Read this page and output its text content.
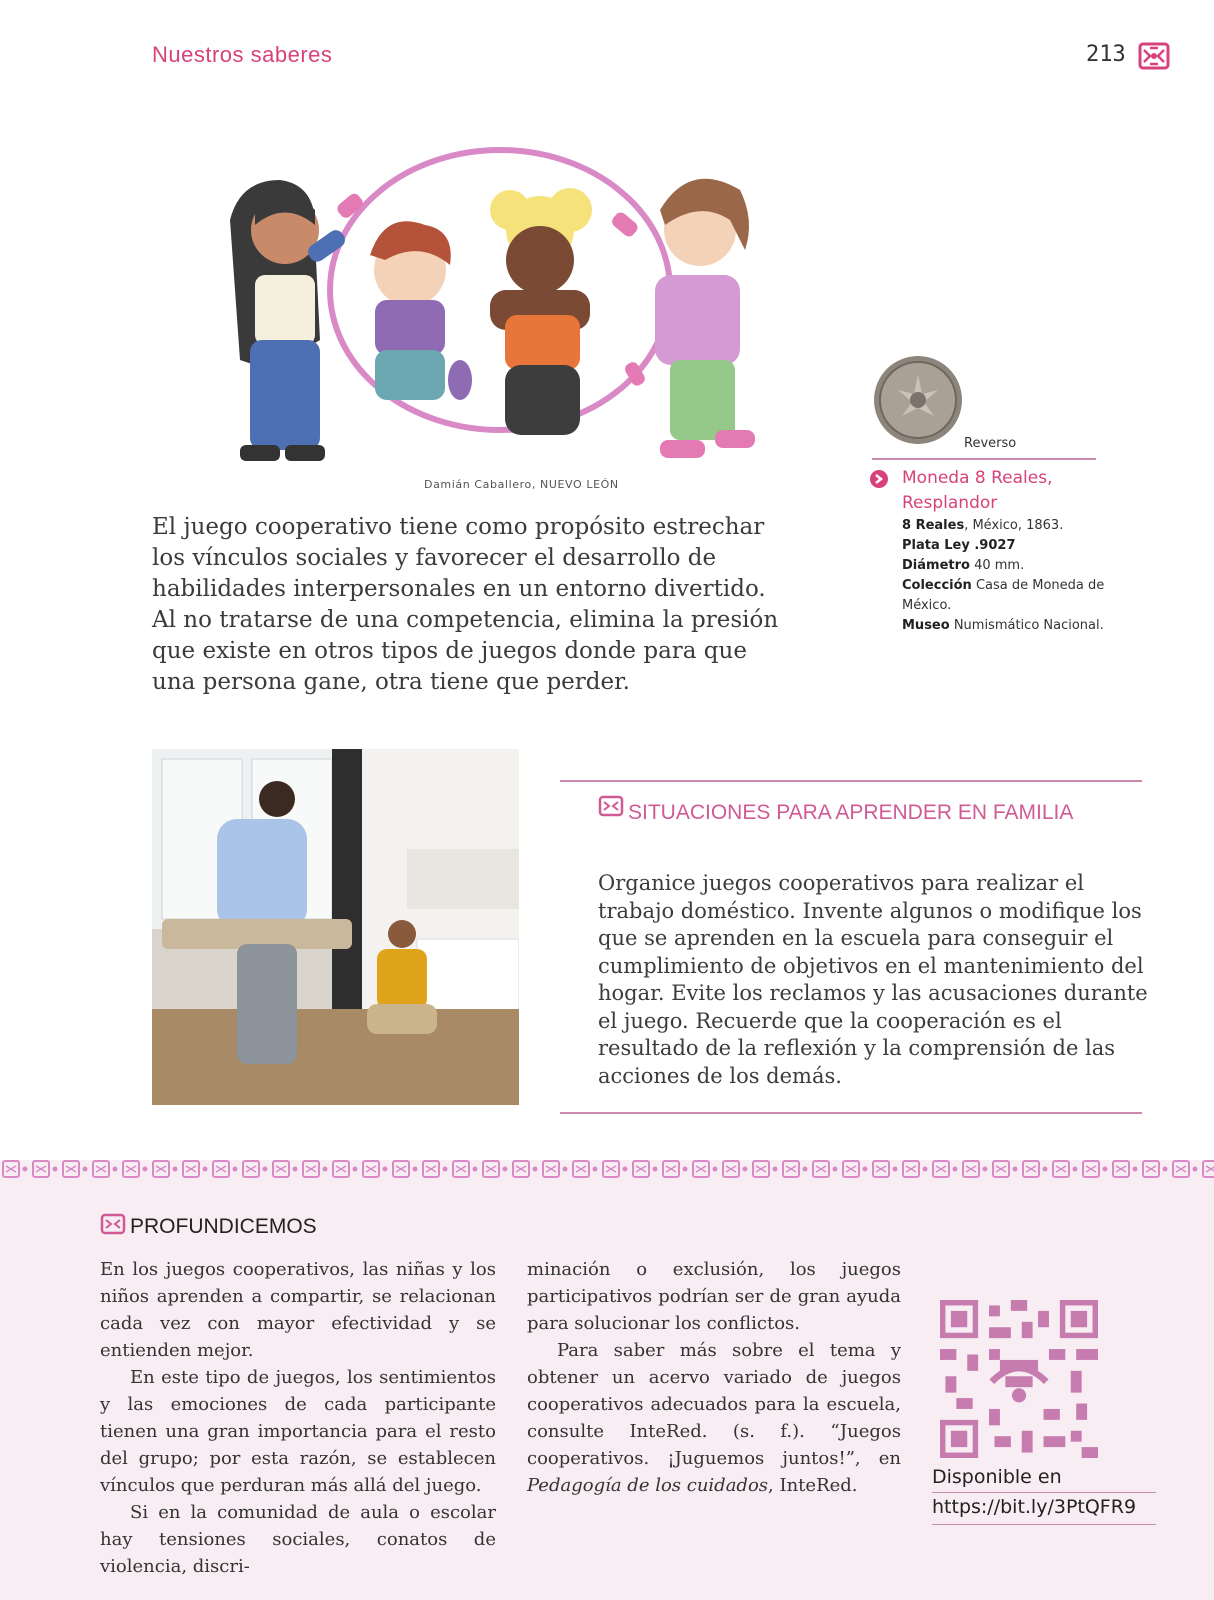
Nuestros saberes	213
Damián Caballero, NUEVO LEÓN
El juego cooperativo tiene como propósito estrechar los vínculos sociales y favorecer el desarrollo de habilidades interpersonales en un entorno divertido. Al no tratarse de una competencia, elimina la presión que existe en otros tipos de juegos donde para que una persona gane, otra tiene que perder.
Reverso
Moneda 8 Reales, Resplandor
8 Reales, México, 1863.
Plata Ley .9027
Diámetro 40 mm.
Colección Casa de Moneda de México.
Museo Numismático Nacional.
SITUACIONES PARA APRENDER EN FAMILIA
Organice juegos cooperativos para realizar el trabajo doméstico. Invente algunos o modifique los que se aprenden en la escuela para conseguir el cumplimiento de objetivos en el mantenimiento del hogar. Evite los reclamos y las acusaciones durante el juego. Recuerde que la cooperación es el resultado de la reflexión y la comprensión de las acciones de los demás.
PROFUNDICEMOS

En los juegos cooperativos, las niñas y los niños aprenden a compartir, se relacionan cada vez con mayor efectividad y se entienden mejor.

En este tipo de juegos, los sentimientos y las emociones de cada participante tienen una gran importancia para el resto del grupo; por esta razón, se establecen vínculos que perduran más allá del juego.

Si en la comunidad de aula o escolar hay tensiones sociales, conatos de violencia, discri-

minación o exclusión, los juegos participativos podrían ser de gran ayuda para solucionar los conflictos.

Para saber más sobre el tema y obtener un acervo variado de juegos cooperativos adecuados para la escuela, consulte InteRed. (s. f.). “Juegos cooperativos. ¡Juguemos juntos!”, en Pedagogía de los cuidados, InteRed.	Disponible en
https://bit.ly/3PtQFR9
